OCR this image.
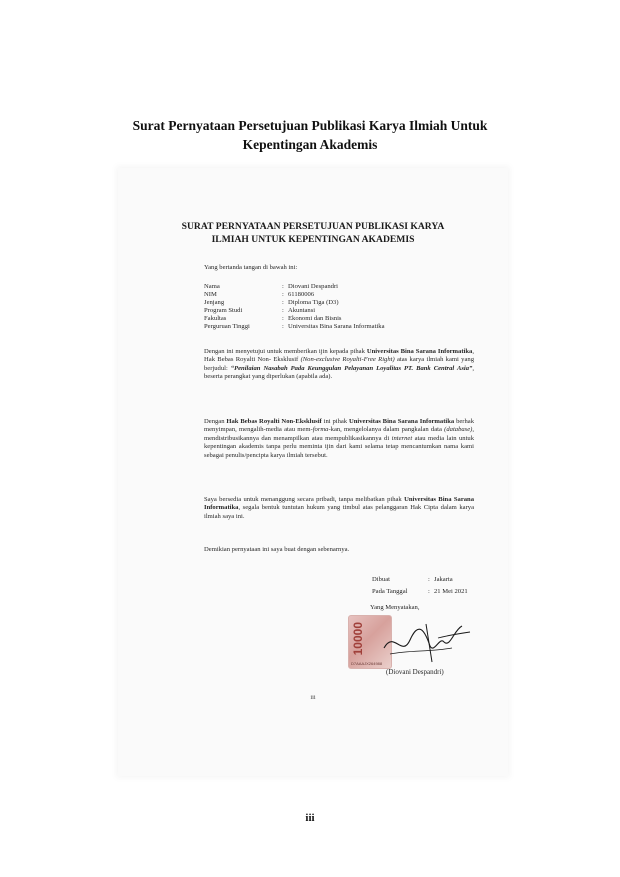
Surat Pernyataan Persetujuan Publikasi Karya Ilmiah Untuk
Kepentingan Akademis
SURAT PERNYATAAN PERSETUJUAN PUBLIKASI KARYA
ILMIAH UNTUK KEPENTINGAN AKADEMIS
Yang bertanda tangan di bawah ini:
Nama	: Diovani Despandri
NIM	: 61180006
Jenjang	: Diploma Tiga (D3)
Program Studi	: Akuntansi
Fakultas	: Ekonomi dan Bisnis
Perguruan Tinggi	: Universitas Bina Sarana Informatika
Dengan ini menyetujui untuk memberikan ijin kepada pihak Universitas Bina Sarana Informatika, Hak Bebas Royalti Non- Eksklusif (Non-exclusive Royalti-Free Right) atas karya ilmiah kami yang berjudul: “Penilaian Nasabah Pada Keunggulan Pelayanan Loyalitas PT. Bank Central Asia”, beserta perangkat yang diperlukan (apabila ada).
Dengan Hak Bebas Royalti Non-Eksklusif ini pihak Universitas Bina Sarana Informatika berhak menyimpan, mengalih-media atau mem-forma-kan, mengelolanya dalam pangkalan data (database), mendistribusikannya dan menampilkan atau mempublikasikannya di internet atau media lain untuk kepentingan akademis tanpa perlu meminta ijin dari kami selama tetap mencantumkan nama kami sebagai penulis/pencipta karya ilmiah tersebut.
Saya bersedia untuk menanggung secara pribadi, tanpa melibatkan pihak Universitas Bina Sarana Informatika, segala bentuk tuntutan hukum yang timbul atas pelanggaran Hak Cipta dalam karya ilmiah saya ini.
Demikian pernyataan ini saya buat dengan sebenarnya.
Dibuat	: Jakarta
Pada Tanggal	: 21 Mei 2021
Yang Menyatakan,
10000
D7AAAJX264988
(Diovani Despandri)
iii
iii
